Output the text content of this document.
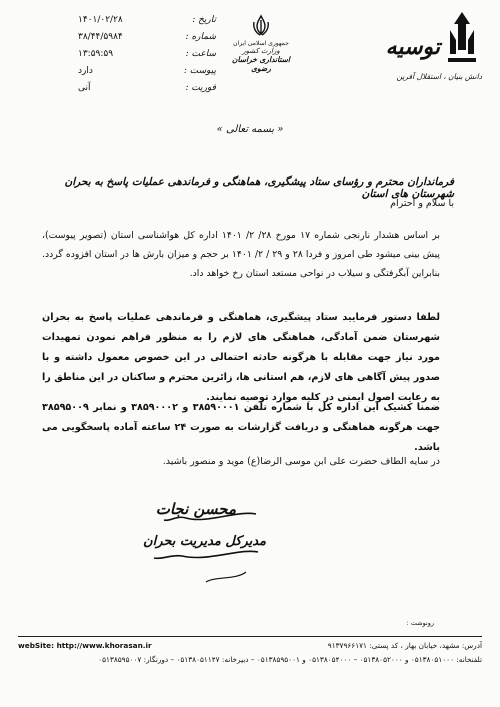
تاریخ :
۱۴۰۱/۰۲/۲۸
شماره :
۳۸/۴۴/۵۹۸۴
ساعت :
۱۳:۵۹:۵۹
پیوست :
دارد
فوریت :
آنی
جمهوری اسلامی ایران
وزارت کشور
استانداری خراسان رضوی
توسیه
دانش بنیان ، استقلال آفرین
« بسمه تعالی »
فرمانداران محترم و رؤسای ستاد پیشگیری، هماهنگی و فرماندهی عملیات پاسخ به بحران شهرستان های استان
با سلام و احترام
بر اساس هشدار نارنجی شماره ۱۷ مورخ ۲۸/ ۲/ ۱۴۰۱ اداره کل هواشناسی استان (تصویر پیوست)، پیش بینی میشود طی امروز و فردا ۲۸ و ۲۹ / ۲/ ۱۴۰۱ بر حجم و میزان بارش ها در استان افزوده گردد. بنابراین آبگرفتگی و سیلاب در نواحی مستعد استان رخ خواهد داد.
لطفا دستور فرمایید ستاد پیشگیری، هماهنگی و فرماندهی عملیات پاسخ به بحران شهرستان ضمن آمادگی، هماهنگی های لازم را به منظور فراهم نمودن تمهیدات مورد نیاز جهت مقابله با هرگونه حادثه احتمالی در این خصوص معمول داشته و با صدور پیش آگاهی های لازم، هم استانی ها، زائرین محترم و ساکنان در این مناطق را به رعایت اصول ایمنی در کلیه موارد توصیه نمایند.
ضمنا کشیک این اداره کل با شماره تلفن ۳۸۵۹۰۰۰۱ و ۳۸۵۹۰۰۰۲ و نمابر ۳۸۵۹۵۰۰۹ جهت هرگونه هماهنگی و دریافت گزارشات به صورت ۲۴ ساعته آماده پاسخگویی می باشد.
در سایه الطاف حضرت علی ابن موسی الرضا(ع) موید و منصور باشید.
محسن نجات
مدیرکل مدیریت بحران
رونوشت :
آدرس: مشهد، خیابان بهار ، کد پستی: ۹۱۳۷۹۶۶۱۷۱
webSite: http://www.khorasan.ir
تلفنخانه: ۰۵۱۳۸۰۵۱۰۰۰ و ۰۵۱۳۸۰۵۲۰۰۰ – ۰۵۱۳۸۰۵۴۰۰۰ و ۰۵۱۳۸۵۹۵۰۰۱ – دبیرخانه: ۰۵۱۳۸۰۵۱۱۴۷ – دورنگار: ۰۵۱۳۸۵۹۵۰۰۷
